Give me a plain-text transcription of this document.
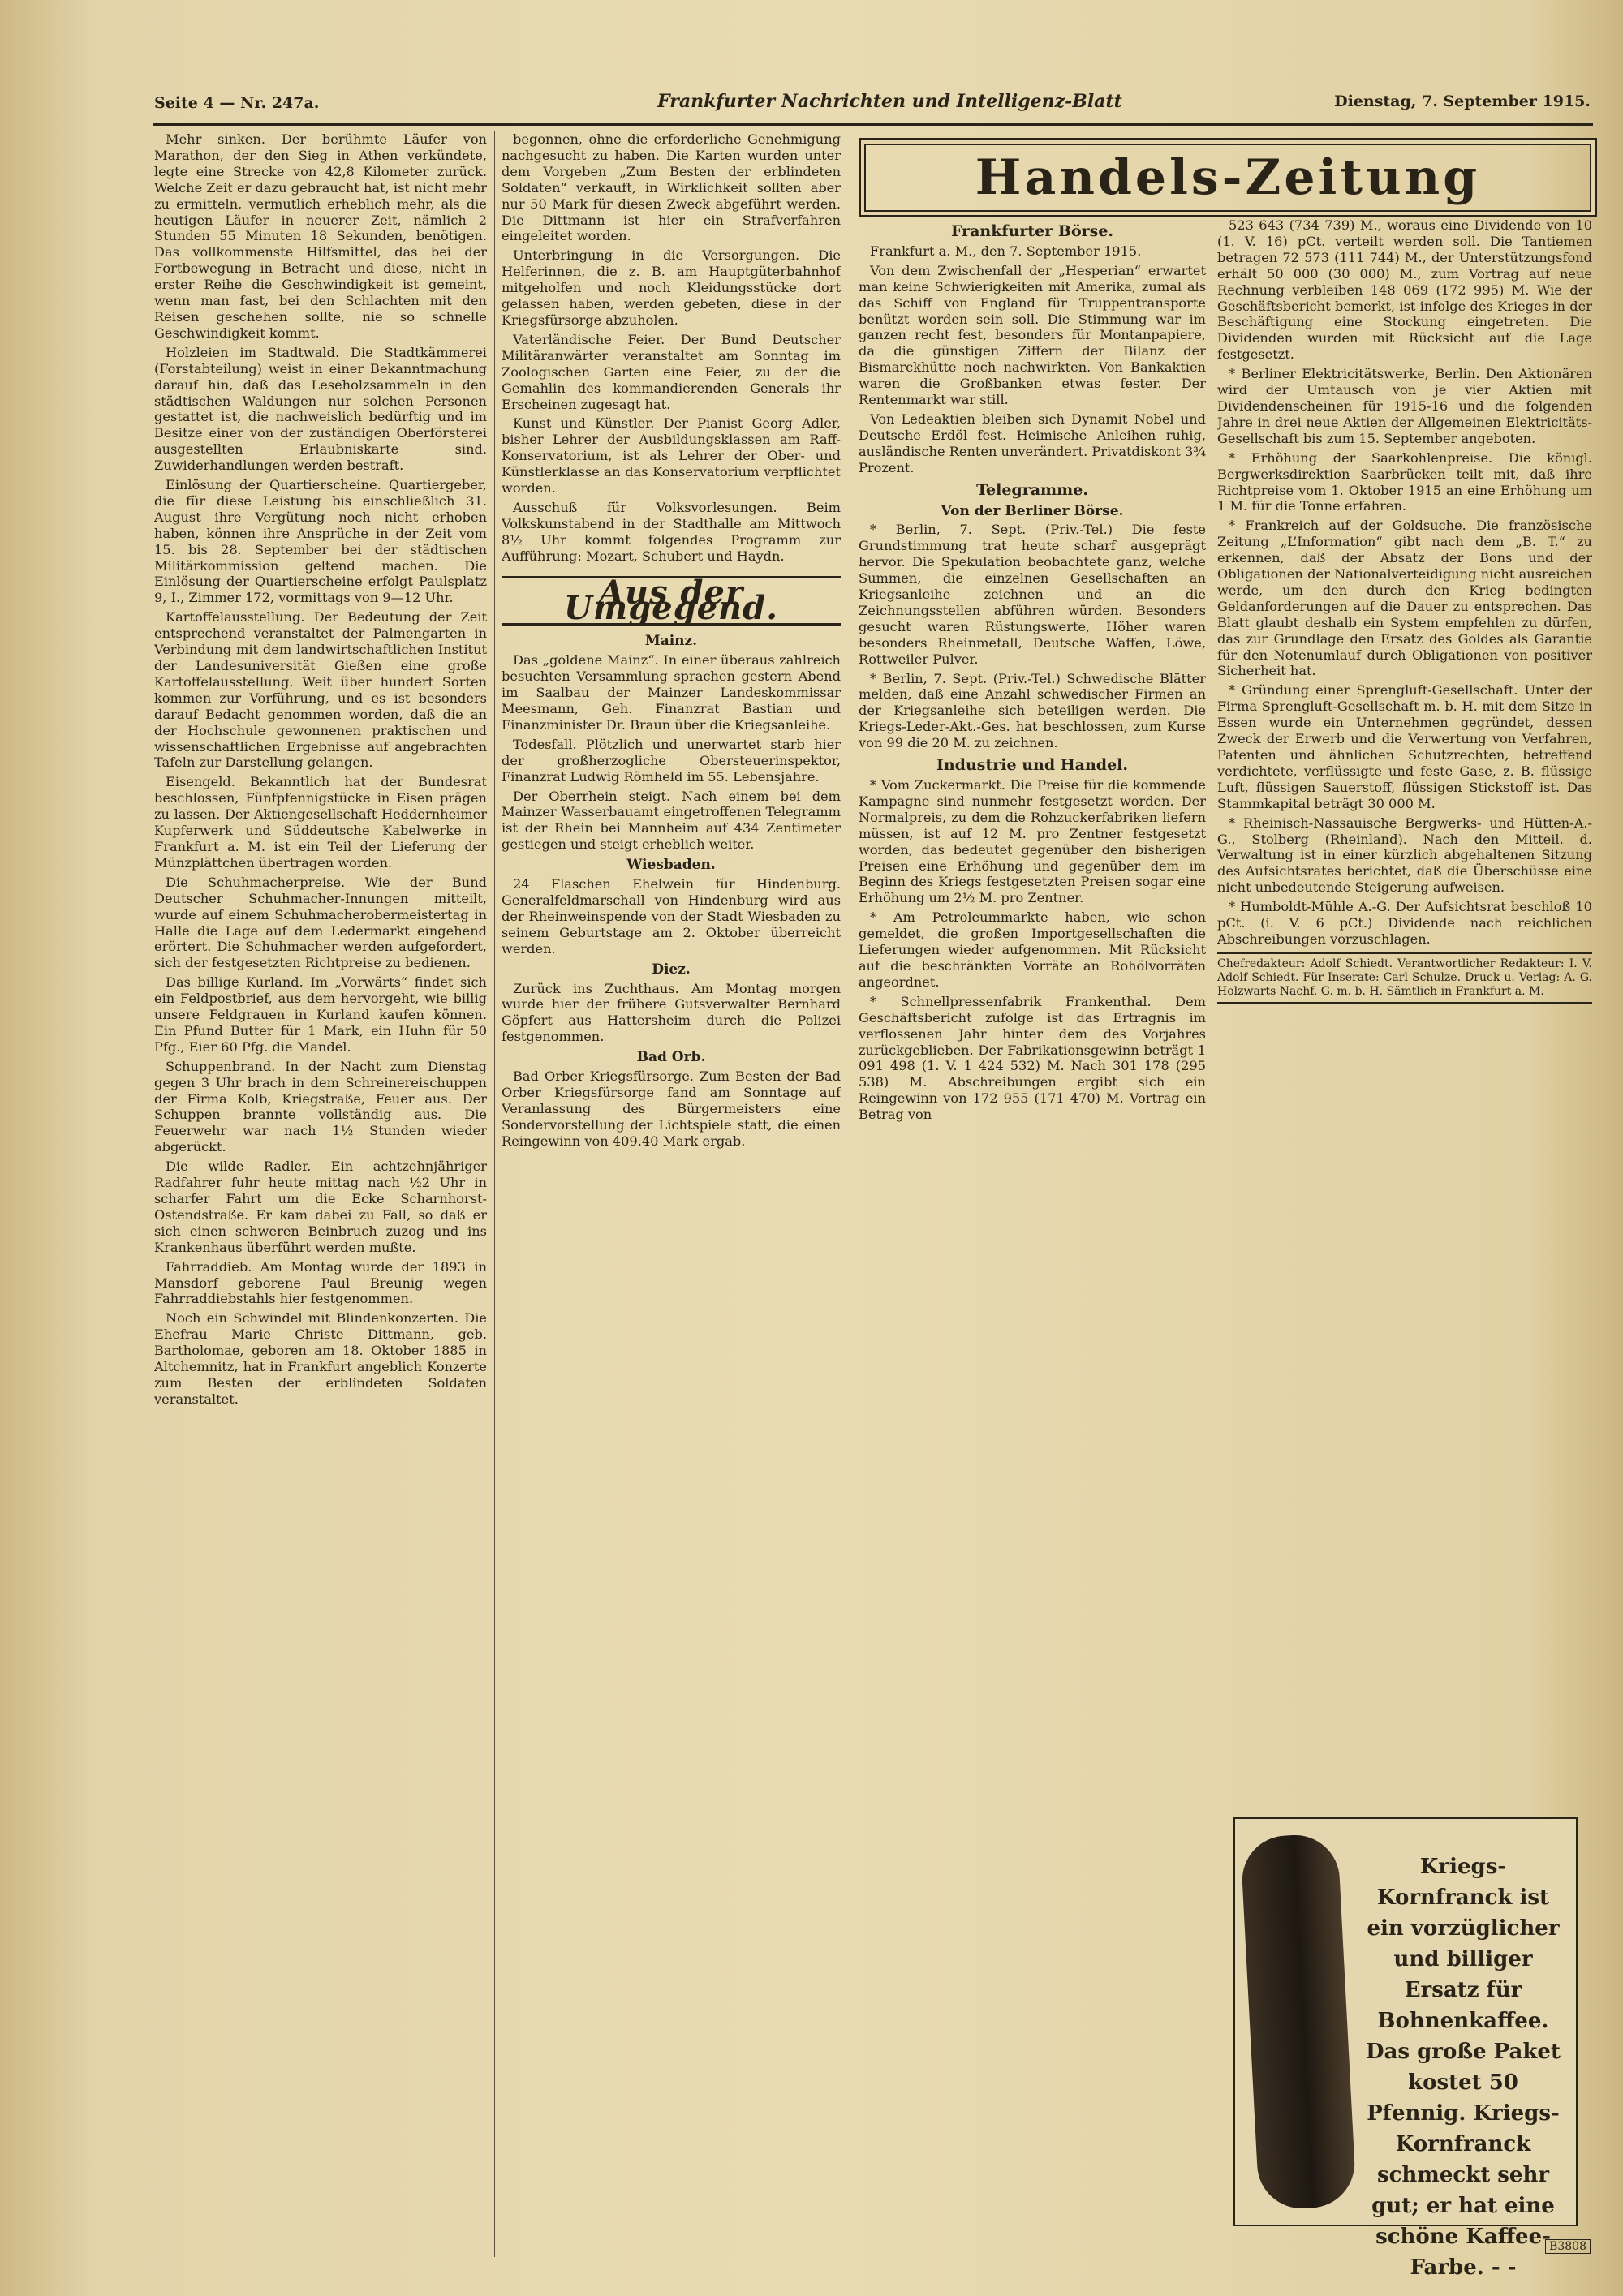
Seite 4 — Nr. 247a.	Frankfurter Nachrichten und Intelligenz-Blatt	Dienstag, 7. September 1915.

Mehr sinken. Der berühmte Läufer von Marathon, der den Sieg in Athen verkündete, legte eine Strecke von 42,8 Kilometer zurück. Welche Zeit er dazu gebraucht hat, ist nicht mehr zu ermitteln, vermutlich erheblich mehr, als die heutigen Läufer in neuerer Zeit, nämlich 2 Stunden 55 Minuten 18 Sekunden, benötigen. Das vollkommenste Hilfsmittel, das bei der Fortbewegung in Betracht und diese, nicht in erster Reihe die Geschwindigkeit ist gemeint, wenn man fast, bei den Schlachten mit den Reisen geschehen sollte, nie so schnelle Geschwindigkeit kommt.

Holzleien im Stadtwald. Die Stadtkämmerei (Forstabteilung) weist in einer Bekanntmachung darauf hin, daß das Leseholzsammeln in den städtischen Waldungen nur solchen Personen gestattet ist, die nachweislich bedürftig und im Besitze einer von der zuständigen Oberförsterei ausgestellten Erlaubniskarte sind. Zuwiderhandlungen werden bestraft.

Einlösung der Quartierscheine. Quartiergeber, die für diese Leistung bis einschließlich 31. August ihre Vergütung noch nicht erhoben haben, können ihre Ansprüche in der Zeit vom 15. bis 28. September bei der städtischen Militärkommission geltend machen. Die Einlösung der Quartierscheine erfolgt Paulsplatz 9, I., Zimmer 172, vormittags von 9—12 Uhr.

Kartoffelausstellung. Der Bedeutung der Zeit entsprechend veranstaltet der Palmengarten in Verbindung mit dem landwirtschaftlichen Institut der Landesuniversität Gießen eine große Kartoffelausstellung. Weit über hundert Sorten kommen zur Vorführung, und es ist besonders darauf Bedacht genommen worden, daß die an der Hochschule gewonnenen praktischen und wissenschaftlichen Ergebnisse auf angebrachten Tafeln zur Darstellung gelangen.

Eisengeld. Bekanntlich hat der Bundesrat beschlossen, Fünfpfennigstücke in Eisen prägen zu lassen. Der Aktiengesellschaft Heddernheimer Kupferwerk und Süddeutsche Kabelwerke in Frankfurt a. M. ist ein Teil der Lieferung der Münzplättchen übertragen worden.

Die Schuhmacherpreise. Wie der Bund Deutscher Schuhmacher-Innungen mitteilt, wurde auf einem Schuhmacherobermeistertag in Halle die Lage auf dem Ledermarkt eingehend erörtert. Die Schuhmacher werden aufgefordert, sich der festgesetzten Richtpreise zu bedienen.

Das billige Kurland. Im „Vorwärts“ findet sich ein Feldpostbrief, aus dem hervorgeht, wie billig unsere Feldgrauen in Kurland kaufen können. Ein Pfund Butter für 1 Mark, ein Huhn für 50 Pfg., Eier 60 Pfg. die Mandel.

Schuppenbrand. In der Nacht zum Dienstag gegen 3 Uhr brach in dem Schreinereischuppen der Firma Kolb, Kriegstraße, Feuer aus. Der Schuppen brannte vollständig aus. Die Feuerwehr war nach 1½ Stunden wieder abgerückt.

Die wilde Radler. Ein achtzehnjähriger Radfahrer fuhr heute mittag nach ½2 Uhr in scharfer Fahrt um die Ecke Scharnhorst-Ostendstraße. Er kam dabei zu Fall, so daß er sich einen schweren Beinbruch zuzog und ins Krankenhaus überführt werden mußte.

Fahrraddieb. Am Montag wurde der 1893 in Mansdorf geborene Paul Breunig wegen Fahrraddiebstahls hier festgenommen.

Noch ein Schwindel mit Blindenkonzerten. Die Ehefrau Marie Christe Dittmann, geb. Bartholomae, geboren am 18. Oktober 1885 in Altchemnitz, hat in Frankfurt angeblich Konzerte zum Besten der erblindeten Soldaten veranstaltet.

begonnen, ohne die erforderliche Genehmigung nachgesucht zu haben. Die Karten wurden unter dem Vorgeben „Zum Besten der erblindeten Soldaten“ verkauft, in Wirklichkeit sollten aber nur 50 Mark für diesen Zweck abgeführt werden. Die Dittmann ist hier ein Strafverfahren eingeleitet worden.

Unterbringung in die Versorgungen. Die Helferinnen, die z. B. am Hauptgüterbahnhof mitgeholfen und noch Kleidungsstücke dort gelassen haben, werden gebeten, diese in der Kriegsfürsorge abzuholen.

Vaterländische Feier. Der Bund Deutscher Militäranwärter veranstaltet am Sonntag im Zoologischen Garten eine Feier, zu der die Gemahlin des kommandierenden Generals ihr Erscheinen zugesagt hat.

Kunst und Künstler. Der Pianist Georg Adler, bisher Lehrer der Ausbildungsklassen am Raff-Konservatorium, ist als Lehrer der Ober- und Künstlerklasse an das Konservatorium verpflichtet worden.

Ausschuß für Volksvorlesungen. Beim Volkskunstabend in der Stadthalle am Mittwoch 8½ Uhr kommt folgendes Programm zur Aufführung: Mozart, Schubert und Haydn.

Aus der Umgegend.
Mainz.

Das „goldene Mainz“. In einer überaus zahlreich besuchten Versammlung sprachen gestern Abend im Saalbau der Mainzer Landeskommissar Meesmann, Geh. Finanzrat Bastian und Finanzminister Dr. Braun über die Kriegsanleihe.

Todesfall. Plötzlich und unerwartet starb hier der großherzogliche Obersteuerinspektor, Finanzrat Ludwig Römheld im 55. Lebensjahre.

Der Oberrhein steigt. Nach einem bei dem Mainzer Wasserbauamt eingetroffenen Telegramm ist der Rhein bei Mannheim auf 434 Zentimeter gestiegen und steigt erheblich weiter.

Wiesbaden.

24 Flaschen Ehelwein für Hindenburg. Generalfeldmarschall von Hindenburg wird aus der Rheinweinspende von der Stadt Wiesbaden zu seinem Geburtstage am 2. Oktober überreicht werden.

Diez.

Zurück ins Zuchthaus. Am Montag morgen wurde hier der frühere Gutsverwalter Bernhard Göpfert aus Hattersheim durch die Polizei festgenommen.

Bad Orb.

Bad Orber Kriegsfürsorge. Zum Besten der Bad Orber Kriegsfürsorge fand am Sonntage auf Veranlassung des Bürgermeisters eine Sondervorstellung der Lichtspiele statt, die einen Reingewinn von 409.40 Mark ergab.

Handels-Zeitung
Frankfurter Börse.

Frankfurt a. M., den 7. September 1915.

Von dem Zwischenfall der „Hesperian“ erwartet man keine Schwierigkeiten mit Amerika, zumal als das Schiff von England für Truppentransporte benützt worden sein soll. Die Stimmung war im ganzen recht fest, besonders für Montanpapiere, da die günstigen Ziffern der Bilanz der Bismarckhütte noch nachwirkten. Von Bankaktien waren die Großbanken etwas fester. Der Rentenmarkt war still.

Von Ledeaktien bleiben sich Dynamit Nobel und Deutsche Erdöl fest. Heimische Anleihen ruhig, ausländische Renten unverändert. Privatdiskont 3¾ Prozent.

Telegramme.
Von der Berliner Börse.

* Berlin, 7. Sept. (Priv.-Tel.) Die feste Grundstimmung trat heute scharf ausgeprägt hervor. Die Spekulation beobachtete ganz, welche Summen, die einzelnen Gesellschaften an Kriegsanleihe zeichnen und an die Zeichnungsstellen abführen würden. Besonders gesucht waren Rüstungswerte, Höher waren besonders Rheinmetall, Deutsche Waffen, Löwe, Rottweiler Pulver.

* Berlin, 7. Sept. (Priv.-Tel.) Schwedische Blätter melden, daß eine Anzahl schwedischer Firmen an der Kriegsanleihe sich beteiligen werden. Die Kriegs-Leder-Akt.-Ges. hat beschlossen, zum Kurse von 99 die 20 M. zu zeichnen.

Industrie und Handel.

* Vom Zuckermarkt. Die Preise für die kommende Kampagne sind nunmehr festgesetzt worden. Der Normalpreis, zu dem die Rohzuckerfabriken liefern müssen, ist auf 12 M. pro Zentner festgesetzt worden, das bedeutet gegenüber den bisherigen Preisen eine Erhöhung und gegenüber dem im Beginn des Kriegs festgesetzten Preisen sogar eine Erhöhung um 2½ M. pro Zentner.

* Am Petroleummarkte haben, wie schon gemeldet, die großen Importgesellschaften die Lieferungen wieder aufgenommen. Mit Rücksicht auf die beschränkten Vorräte an Rohölvorräten angeordnet.

* Schnellpressenfabrik Frankenthal. Dem Geschäftsbericht zufolge ist das Ertragnis im verflossenen Jahr hinter dem des Vorjahres zurückgeblieben. Der Fabrikationsgewinn beträgt 1 091 498 (1. V. 1 424 532) M. Nach 301 178 (295 538) M. Abschreibungen ergibt sich ein Reingewinn von 172 955 (171 470) M. Vortrag ein Betrag von

523 643 (734 739) M., woraus eine Dividende von 10 (1. V. 16) pCt. verteilt werden soll. Die Tantiemen betragen 72 573 (111 744) M., der Unterstützungsfond erhält 50 000 (30 000) M., zum Vortrag auf neue Rechnung verbleiben 148 069 (172 995) M. Wie der Geschäftsbericht bemerkt, ist infolge des Krieges in der Beschäftigung eine Stockung eingetreten. Die Dividenden wurden mit Rücksicht auf die Lage festgesetzt.

* Berliner Elektricitätswerke, Berlin. Den Aktionären wird der Umtausch von je vier Aktien mit Dividendenscheinen für 1915-16 und die folgenden Jahre in drei neue Aktien der Allgemeinen Elektricitäts-Gesellschaft bis zum 15. September angeboten.

* Erhöhung der Saarkohlenpreise. Die königl. Bergwerksdirektion Saarbrücken teilt mit, daß ihre Richtpreise vom 1. Oktober 1915 an eine Erhöhung um 1 M. für die Tonne erfahren.

* Frankreich auf der Goldsuche. Die französische Zeitung „L’Information“ gibt nach dem „B. T.“ zu erkennen, daß der Absatz der Bons und der Obligationen der Nationalverteidigung nicht ausreichen werde, um den durch den Krieg bedingten Geldanforderungen auf die Dauer zu entsprechen. Das Blatt glaubt deshalb ein System empfehlen zu dürfen, das zur Grundlage den Ersatz des Goldes als Garantie für den Notenumlauf durch Obligationen von positiver Sicherheit hat.

* Gründung einer Sprengluft-Gesellschaft. Unter der Firma Sprengluft-Gesellschaft m. b. H. mit dem Sitze in Essen wurde ein Unternehmen gegründet, dessen Zweck der Erwerb und die Verwertung von Verfahren, Patenten und ähnlichen Schutzrechten, betreffend verdichtete, verflüssigte und feste Gase, z. B. flüssige Luft, flüssigen Sauerstoff, flüssigen Stickstoff ist. Das Stammkapital beträgt 30 000 M.

* Rheinisch-Nassauische Bergwerks- und Hütten-A.-G., Stolberg (Rheinland). Nach den Mitteil. d. Verwaltung ist in einer kürzlich abgehaltenen Sitzung des Aufsichtsrates berichtet, daß die Überschüsse eine nicht unbedeutende Steigerung aufweisen.

* Humboldt-Mühle A.-G. Der Aufsichtsrat beschloß 10 pCt. (i. V. 6 pCt.) Dividende nach reichlichen Abschreibungen vorzuschlagen.

Chefredakteur: Adolf Schiedt. Verantwortlicher Redakteur: I. V. Adolf Schiedt. Für Inserate: Carl Schulze. Druck u. Verlag: A. G. Holzwarts Nachf. G. m. b. H. Sämtlich in Frankfurt a. M.
Kriegs-Kornfranck ist ein vorzüglicher und billiger Ersatz für Bohnenkaffee. Das große Paket kostet 50 Pfennig. Kriegs-Kornfranck schmeckt sehr gut; er hat eine schöne Kaffee-Farbe. - -
B3808
